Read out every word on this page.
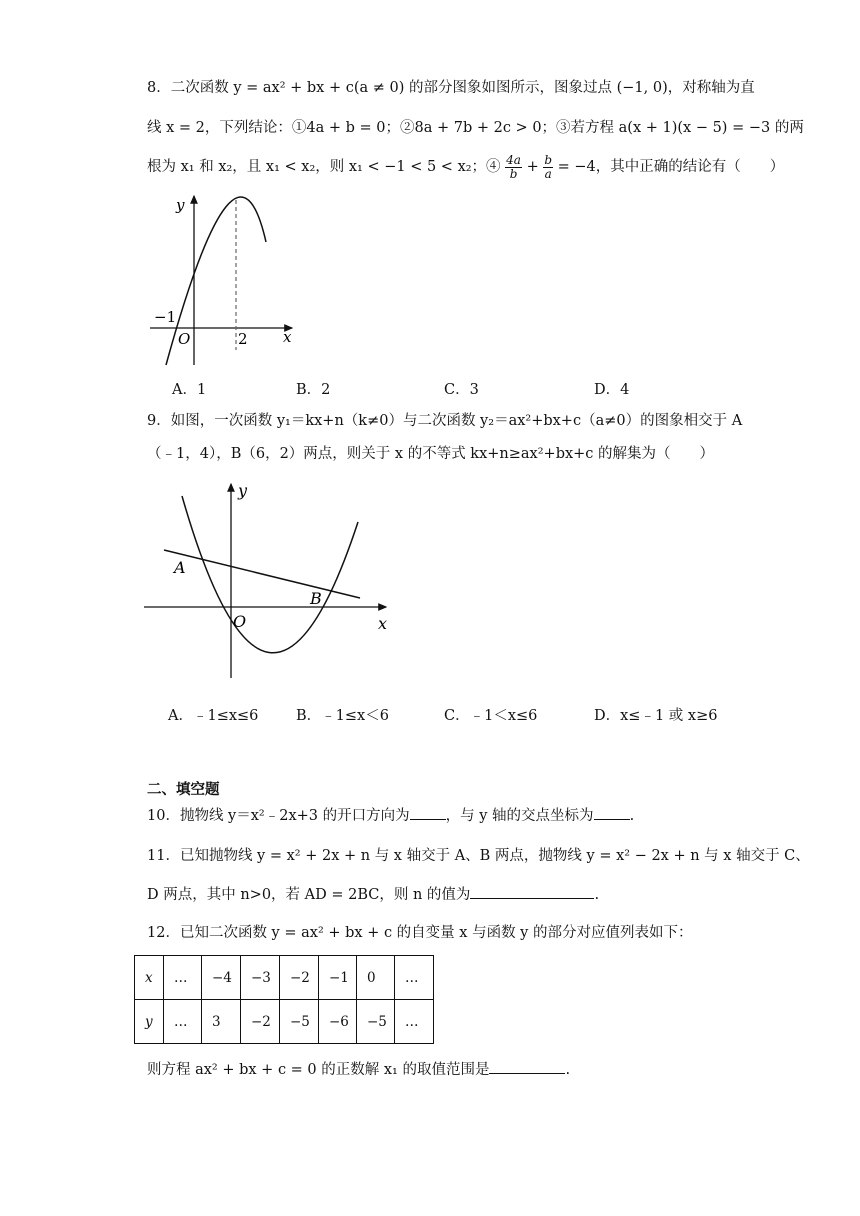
8．二次函数 y = ax² + bx + c(a ≠ 0) 的部分图象如图所示，图象过点 (−1, 0)，对称轴为直
线 x = 2，下列结论：①4a + b = 0；②8a + 7b + 2c > 0；③若方程 a(x + 1)(x − 5) = −3 的两
根为 x₁ 和 x₂，且 x₁ < x₂，则 x₁ < −1 < 5 < x₂；④ $\frac{4a}{b} + \frac{b}{a} = -4$，其中正确的结论有（　　）
y
x
O
−1
2
A．1	B．2	C．3	D．4
9．如图，一次函数 y₁＝kx+n（k≠0）与二次函数 y₂＝ax²+bx+c（a≠0）的图象相交于 A
（﹣1，4），B（6，2）两点，则关于 x 的不等式 kx+n≥ax²+bx+c 的解集为（　　）
y
x
O
A
B
A．﹣1≤x≤6	B．﹣1≤x＜6	C．﹣1＜x≤6	D．x≤﹣1 或 x≥6
二、填空题
10．抛物线 y＝x²﹣2x+3 的开口方向为 ，与 y 轴的交点坐标为 .
11．已知抛物线 y = x² + 2x + n 与 x 轴交于 A、B 两点，抛物线 y = x² − 2x + n 与 x 轴交于 C、
D 两点，其中 n>0，若 AD = 2BC，则 n 的值为	.
12．已知二次函数 y = ax² + bx + c 的自变量 x 与函数 y 的部分对应值列表如下：
x	…	−4	−3	−2	−1	0	…
y	…	3	−2	−5	−6	−5	…
则方程 ax² + bx + c = 0 的正数解 x₁ 的取值范围是	.
